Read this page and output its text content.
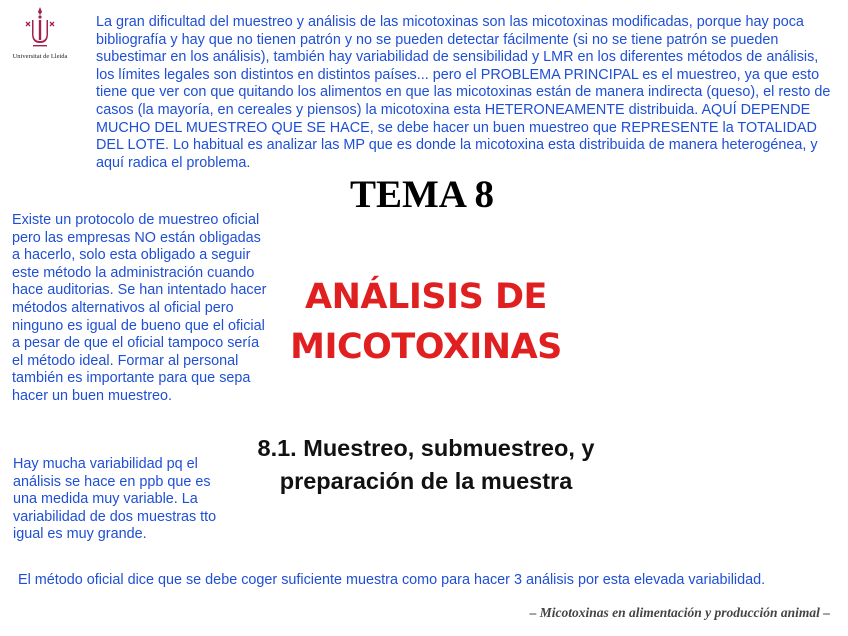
Universitat de Lleida

La gran dificultad del muestreo y análisis de las micotoxinas son las micotoxinas modificadas, porque hay poca bibliografía y hay que no tienen patrón y no se pueden detectar fácilmente (si no se tiene patrón se pueden subestimar en los análisis), también hay variabilidad de sensibilidad y LMR en los diferentes métodos de análisis, los límites legales son distintos en distintos países... pero el PROBLEMA PRINCIPAL es el muestreo, ya que esto tiene que ver con que quitando los alimentos en que las micotoxinas están de manera indirecta (queso), el resto de casos (la mayoría, en cereales y piensos) la micotoxina esta HETERONEAMENTE distribuida. AQUÍ DEPENDE MUCHO DEL MUESTREO QUE SE HACE, se debe hacer un buen muestreo que REPRESENTE la TOTALIDAD DEL LOTE. Lo habitual es analizar las MP que es donde la micotoxina esta distribuida de manera heterogénea, y aquí radica el problema.

TEMA 8

Existe un protocolo de muestreo oficial pero las empresas NO están obligadas a hacerlo, solo esta obligado a seguir este método la administración cuando hace auditorias. Se han intentado hacer métodos alternativos al oficial pero ninguno es igual de bueno que el oficial a pesar de que el oficial tampoco sería el método ideal. Formar al personal también es importante para que sepa hacer un buen muestreo.

ANÁLISIS DE
MICOTOXINAS
8.1. Muestreo, submuestreo, y
preparación de la muestra

Hay mucha variabilidad pq el análisis se hace en ppb que es una medida muy variable. La variabilidad de dos muestras tto igual es muy grande.

El método oficial dice que se debe coger suficiente muestra como para hacer 3 análisis por esta elevada variabilidad.

– Micotoxinas en alimentación y producción animal –
